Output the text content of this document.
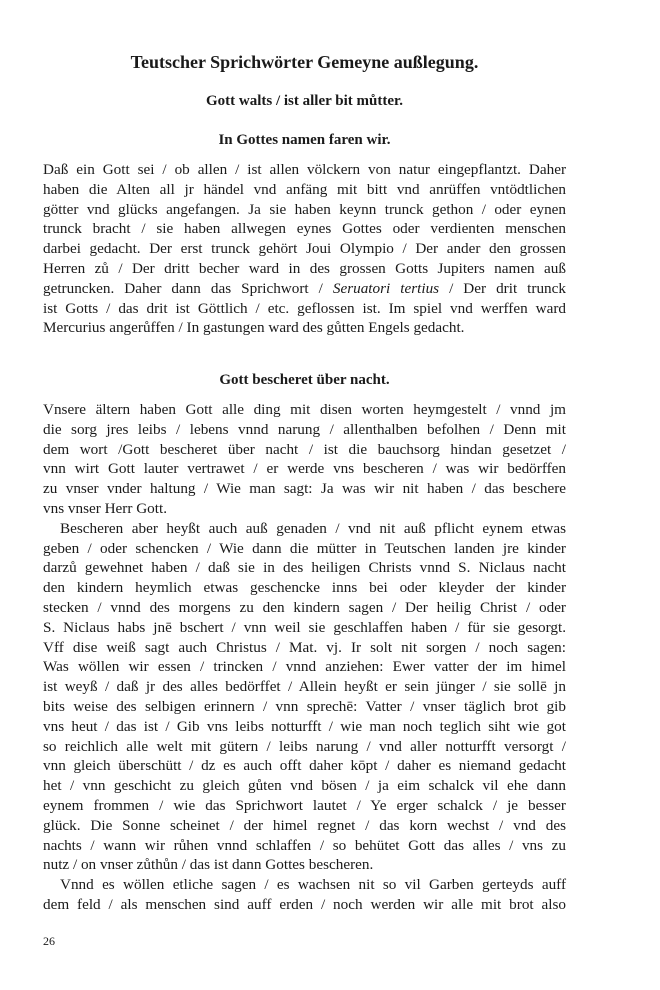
Teutscher Sprichwörter Gemeyne außlegung.
Gott walts / ist aller bit můtter.
In Gottes namen faren wir.
Daß ein Gott sei / ob allen / ist allen völckern von natur eingepflantzt. Daher
haben die Alten all jr händel vnd anfäng mit bitt vnd anrüffen vntödtlichen
götter vnd glücks angefangen. Ja sie haben keynn trunck gethon / oder eynen
trunck bracht / sie haben allwegen eynes Gottes oder verdienten menschen
darbei gedacht. Der erst trunck gehört Joui Olympio / Der ander den grossen
Herren zů / Der dritt becher ward in des grossen Gotts Jupiters namen auß
getruncken. Daher dann das Sprichwort / Seruatori tertius / Der drit trunck
ist Gotts / das drit ist Göttlich / etc. geflossen ist. Im spiel vnd werffen ward
Mercurius angerůffen / In gastungen ward des gůtten Engels gedacht.
Gott bescheret über nacht.
Vnsere ältern haben Gott alle ding mit disen worten heymgestelt / vnnd jm
die sorg jres leibs / lebens vnnd narung / allenthalben befolhen / Denn mit
dem wort /Gott bescheret über nacht / ist die bauchsorg hindan gesetzet /
vnn wirt Gott lauter vertrawet / er werde vns bescheren / was wir bedörffen
zu vnser vnder haltung / Wie man sagt: Ja was wir nit haben / das beschere
vns vnser Herr Gott.
Bescheren aber heyßt auch auß genaden / vnd nit auß pflicht eynem etwas
geben / oder schencken / Wie dann die mütter in Teutschen landen jre kinder
darzů gewehnet haben / daß sie in des heiligen Christs vnnd S. Niclaus nacht
den kindern heymlich etwas geschencke inns bei oder kleyder der kinder
stecken / vnnd des morgens zu den kindern sagen / Der heilig Christ / oder
S. Niclaus habs jnē bschert / vnn weil sie geschlaffen haben / für sie gesorgt.
Vff dise weiß sagt auch Christus / Mat. vj. Ir solt nit sorgen / noch sagen:
Was wöllen wir essen / trincken / vnnd anziehen: Ewer vatter der im himel
ist weyß / daß jr des alles bedörffet / Allein heyßt er sein jünger / sie sollē jn
bits weise des selbigen erinnern / vnn sprechē: Vatter / vnser täglich brot gib
vns heut / das ist / Gib vns leibs notturfft / wie man noch teglich siht wie got
so reichlich alle welt mit gütern / leibs narung / vnd aller notturfft versorgt /
vnn gleich überschütt / dz es auch offt daher kōpt / daher es niemand gedacht
het / vnn geschicht zu gleich gůten vnd bösen / ja eim schalck vil ehe dann
eynem frommen / wie das Sprichwort lautet / Ye erger schalck / je besser
glück. Die Sonne scheinet / der himel regnet / das korn wechst / vnd des
nachts / wann wir růhen vnnd schlaffen / so behütet Gott das alles / vns zu
nutz / on vnser zůthůn / das ist dann Gottes bescheren.
Vnnd es wöllen etliche sagen / es wachsen nit so vil Garben gerteyds auff
dem feld / als menschen sind auff erden / noch werden wir alle mit brot also

26
